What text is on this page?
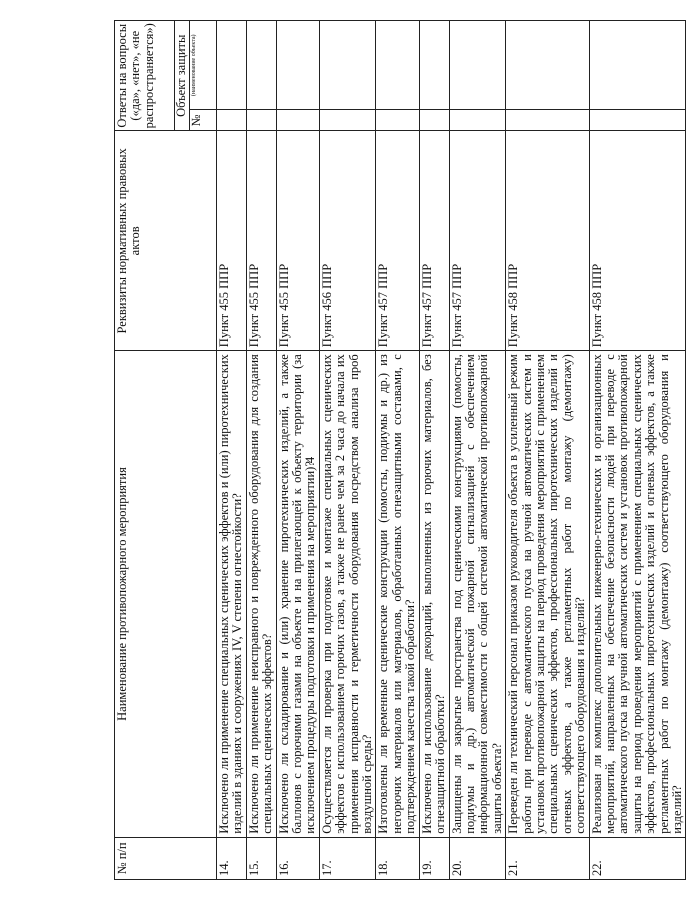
4
№ п/п	Наименование противопожарного мероприятия	Реквизиты нормативных правовых актов	Ответы на вопросы («да», «нет», «не распространяется») Объект защиты
№
(наименование объекта)

14.	Исключено ли применение специальных сценических эффектов и (или) пиротехнических изделий в зданиях и сооружениях IV, V степени огнестойкости?	Пункт 455 ППР	

15.	Исключено ли применение неисправного и поврежденного оборудования для создания специальных сценических эффектов?	Пункт 455 ППР	

16.	Исключено ли складирование и (или) хранение пиротехнических изделий, а также баллонов с горючими газами на объекте и на прилегающей к объекту территории (за исключением процедуры подготовки и применения на мероприятии)?	Пункт 455 ППР	

17.	Осуществляется ли проверка при подготовке и монтаже специальных сценических эффектов с использованием горючих газов, а также не ранее чем за 2 часа до начала их применения исправности и герметичности оборудования посредством анализа проб воздушной среды?	Пункт 456 ППР	

18.	Изготовлены ли временные сценические конструкции (помосты, подиумы и др.) из негорючих материалов или материалов, обработанных огнезащитными составами, с подтверждением качества такой обработки?	Пункт 457 ППР	

19.	Исключено ли использование декораций, выполненных из горючих материалов, без огнезащитной обработки?	Пункт 457 ППР	

20.	Защищены ли закрытые пространства под сценическими конструкциями (помосты, подиумы и др.) автоматической пожарной сигнализацией с обеспечением информационной совместимости с общей системой автоматической противопожарной защиты объекта?	Пункт 457 ППР	

21.	Переведен ли технический персонал приказом руководителя объекта в усиленный режим работы при переводе с автоматического пуска на ручной автоматических систем и установок противопожарной защиты на период проведения мероприятий с применением специальных сценических эффектов, профессиональных пиротехнических изделий и огневых эффектов, а также регламентных работ по монтажу (демонтажу) соответствующего оборудования и изделий?	Пункт 458 ППР	

22.	Реализован ли комплекс дополнительных инженерно-технических и организационных мероприятий, направленных на обеспечение безопасности людей при переводе с автоматического пуска на ручной автоматических систем и установок противопожарной защиты на период проведения мероприятий с применением специальных сценических эффектов, профессиональных пиротехнических изделий и огневых эффектов, а также регламентных работ по монтажу (демонтажу) соответствующего оборудования и изделий?	Пункт 458 ППР	
